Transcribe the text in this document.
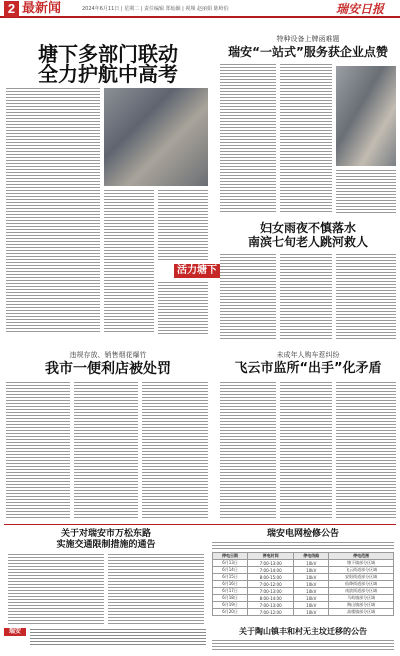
2 最新闻	2024年6月11日 | 星期二 | 责任编辑 郑灿颖 | 视频 赵丽娟 陈岭伯	瑞安日报
塘下多部门联动
全力护航中高考
活力塘下
特种设备上牌函难题
瑞安“一站式”服务获企业点赞
妇女雨夜不慎落水
南滨七旬老人跳河救人
违规存放、销售烟花爆竹
我市一便利店被处罚
未成年人购车惹纠纷
飞云市监所“出手”化矛盾
关于对瑞安市万松东路
实施交通限制措施的通告
瑞安电网检修公告
停电日期	停电时间	停电线路	停电范围
6月13日	7:00-13:00	10kV	塘下镇部分区域
6月14日	7:00-14:00	10kV	飞云街道部分区域
6月15日	8:00-15:00	10kV	安阳街道部分区域
6月16日	7:00-12:00	10kV	仙降街道部分区域
6月17日	7:00-13:00	10kV	南滨街道部分区域
6月18日	8:00-14:00	10kV	马屿镇部分区域
6月19日	7:00-13:00	10kV	陶山镇部分区域
6月20日	7:00-12:00	10kV	高楼镇部分区域
瑞安	关于陶山镇丰和村无主坟迁移的公告
